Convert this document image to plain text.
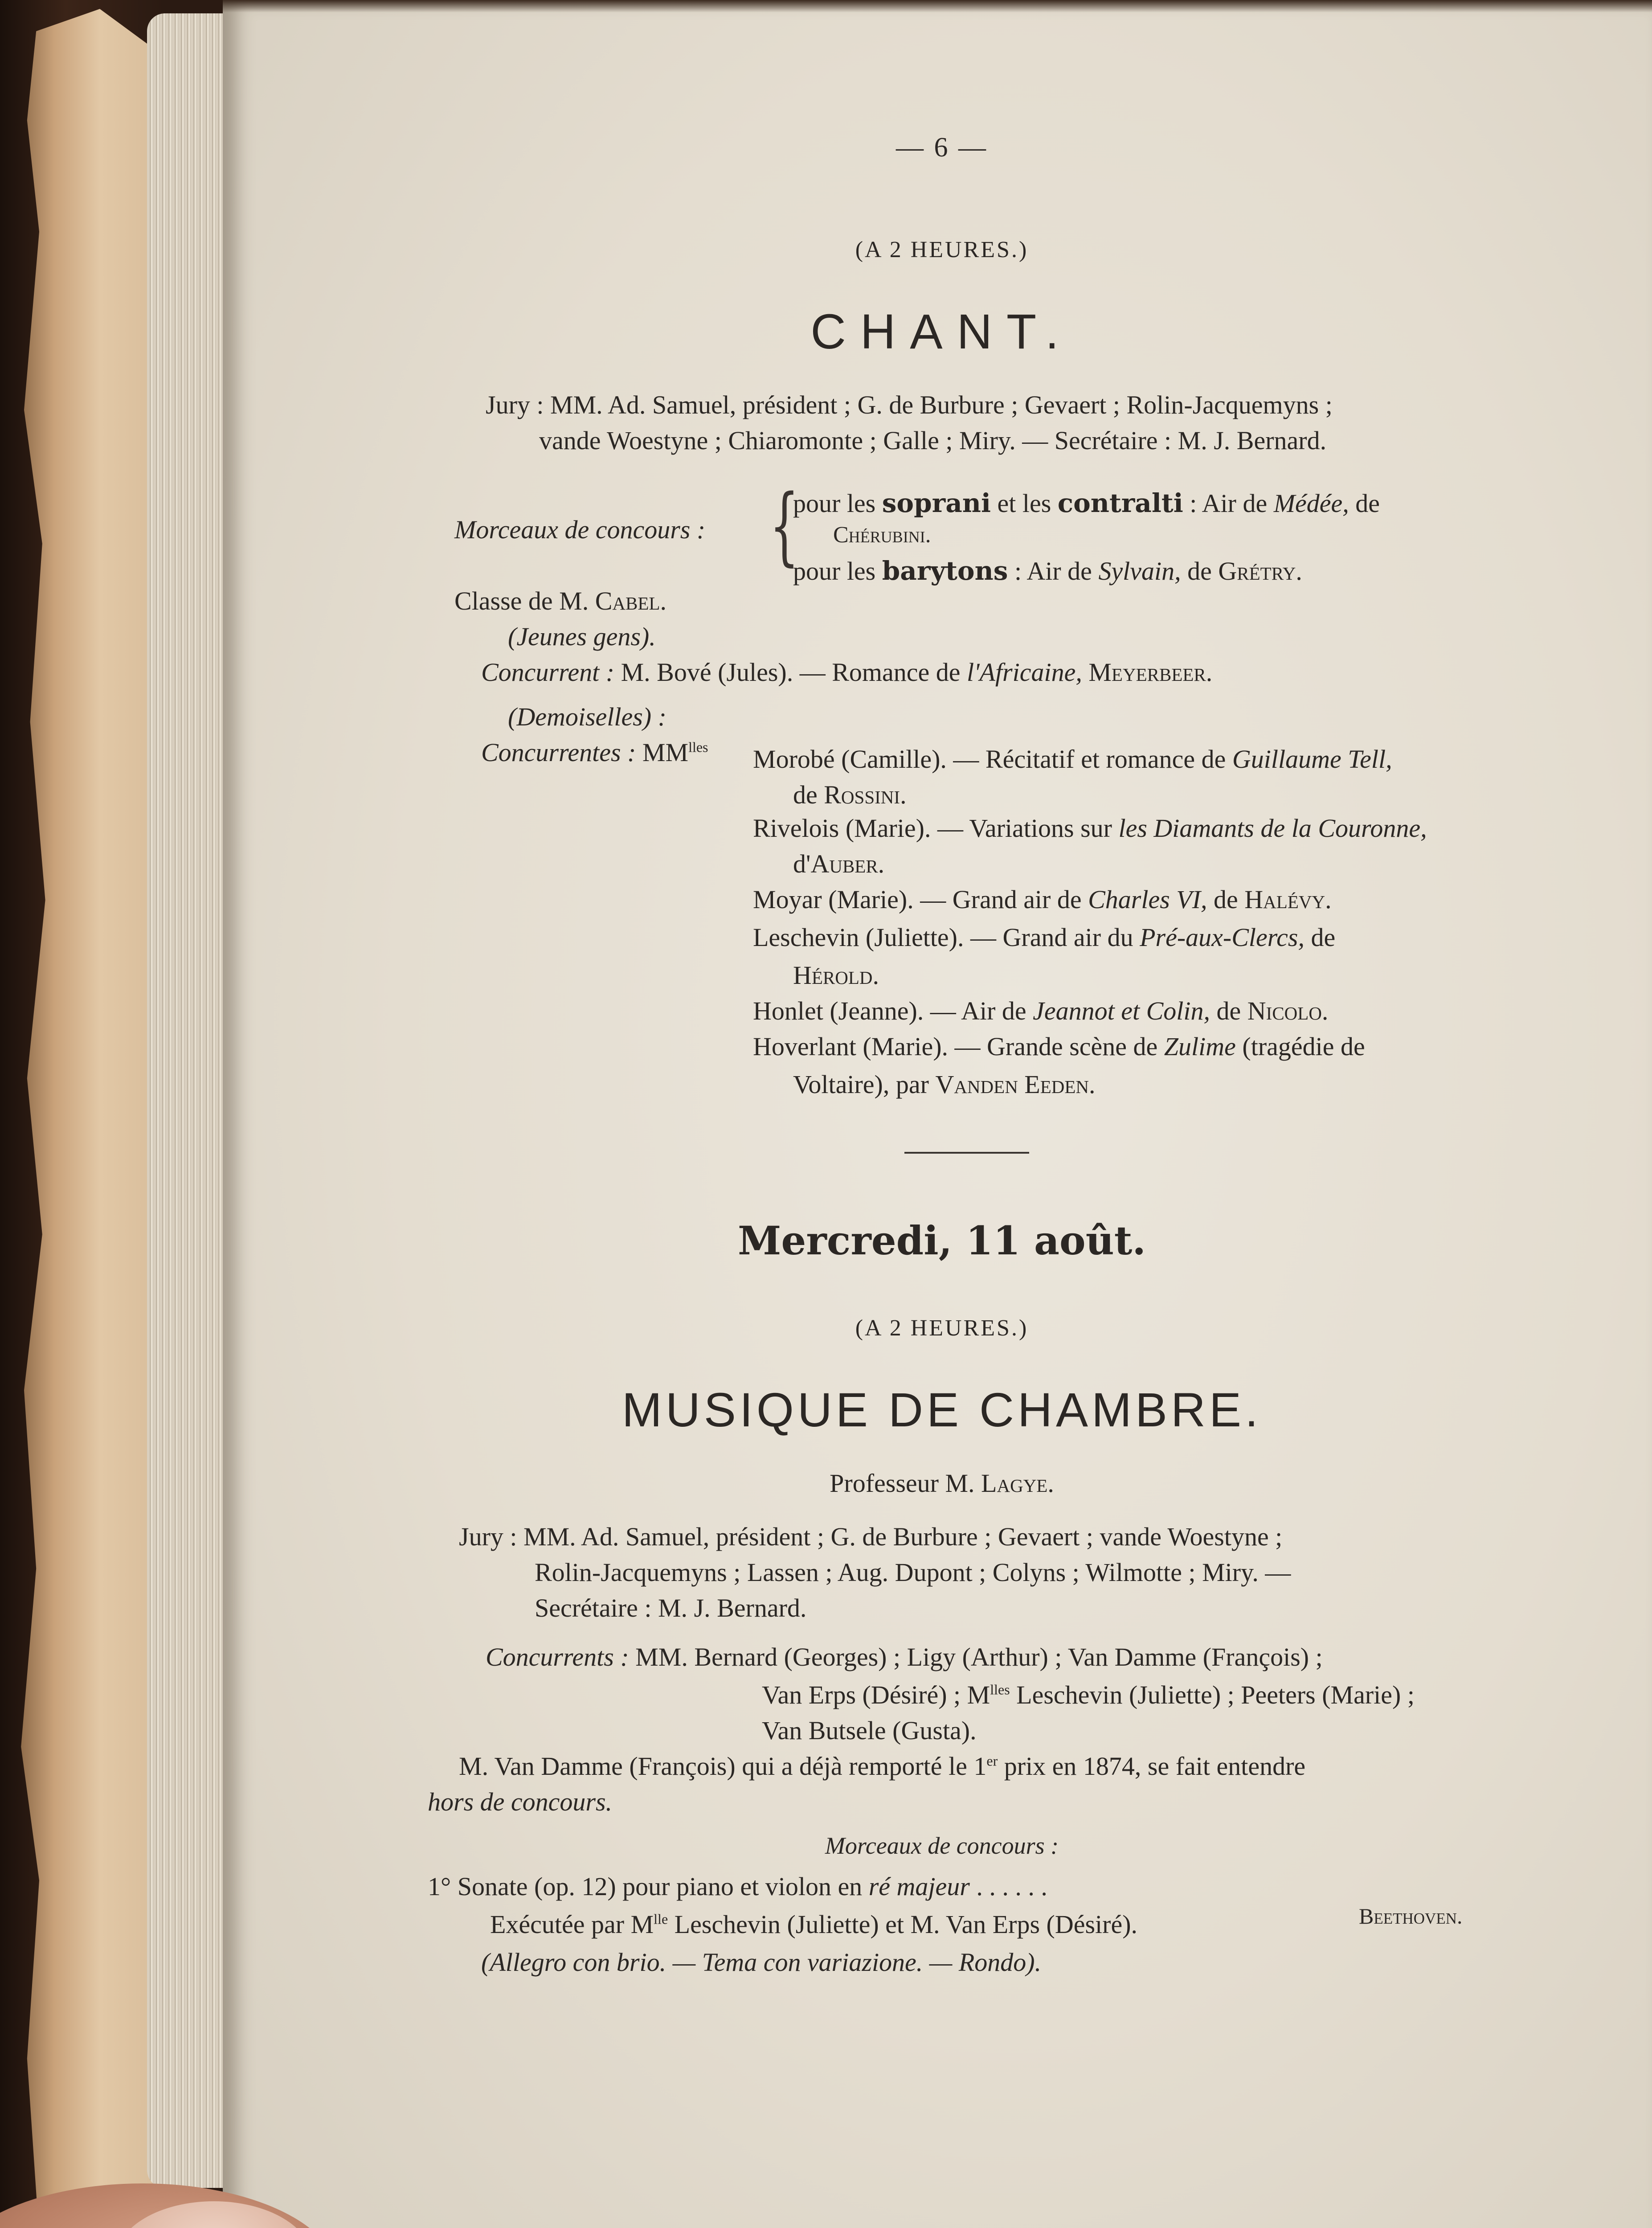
— 6 —

(A 2 HEURES.)

CHANT.

Jury : MM. Ad. Samuel, président ; G. de Burbure ; Gevaert ; Rolin-Jacquemyns ;

vande Woestyne ; Chiaromonte ; Galle ; Miry. — Secrétaire : M. J. Bernard.

Morceaux de concours : {

pour les soprani et les contralti : Air de Médée, de

Chérubini.

pour les barytons : Air de Sylvain, de Grétry.

Classe de M. Cabel.

(Jeunes gens).

Concurrent : M. Bové (Jules). — Romance de l'Africaine, Meyerbeer.

(Demoiselles) :

Concurrentes : $MM^{lles}$ Morobé (Camille). — Récitatif et romance de Guillaume Tell,

de Rossini.

Rivelois (Marie). — Variations sur les Diamants de la Couronne,

d'Auber.

Moyar (Marie). — Grand air de Charles VI, de Halévy.

Leschevin (Juliette). — Grand air du Pré-aux-Clercs, de

Hérold.

Honlet (Jeanne). — Air de Jeannot et Colin, de Nicolo.

Hoverlant (Marie). — Grande scène de Zulime (tragédie de

Voltaire), par Vanden Eeden.

Mercredi, 11 août.

(A 2 HEURES.)

MUSIQUE DE CHAMBRE.

Professeur M. Lagye.

Jury : MM. Ad. Samuel, président ; G. de Burbure ; Gevaert ; vande Woestyne ;

Rolin-Jacquemyns ; Lassen ; Aug. Dupont ; Colyns ; Wilmotte ; Miry. —

Secrétaire : M. J. Bernard.

Concurrents : MM. Bernard (Georges) ; Ligy (Arthur) ; Van Damme (François) ;

Van Erps (Désiré) ; $M^{lles}$ Leschevin (Juliette) ; Peeters (Marie) ;

Van Butsele (Gusta).

M. Van Damme (François) qui a déjà remporté le 1er prix en 1874, se fait entendre

hors de concours.

Morceaux de concours :

1° Sonate (op. 12) pour piano et violon en ré majeur . . . . . .

Beethoven.

Exécutée par $M^{lle}$ Leschevin (Juliette) et M. Van Erps (Désiré).

(Allegro con brio. — Tema con variazione. — Rondo).
